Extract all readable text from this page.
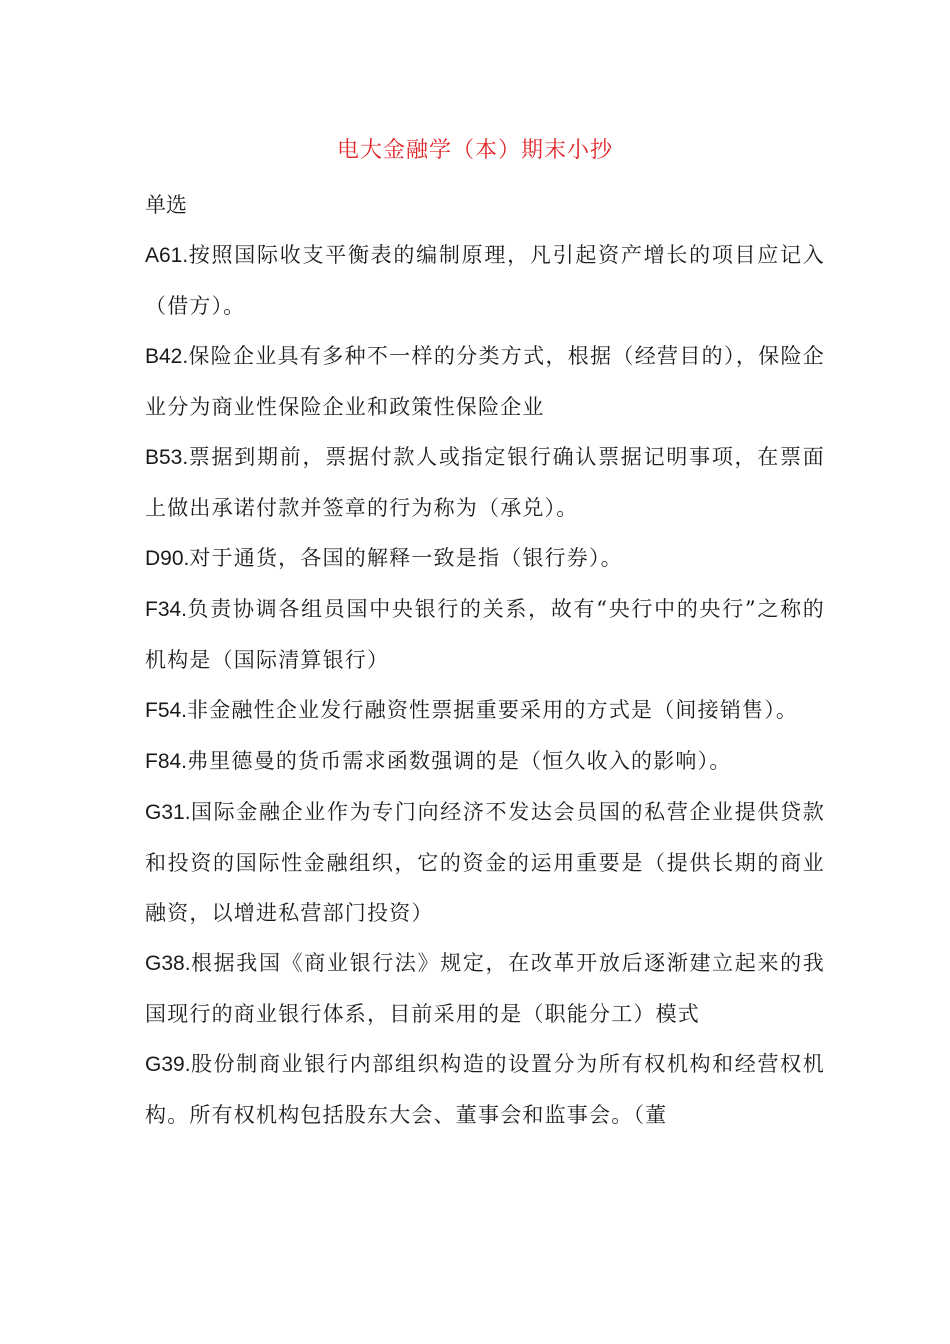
电大金融学（本）期末小抄

单选

A61.按照国际收支平衡表的编制原理，凡引起资产增长的项目应记入（借方）。

B42.保险企业具有多种不一样的分类方式，根据（经营目的），保险企业分为商业性保险企业和政策性保险企业

B53.票据到期前，票据付款人或指定银行确认票据记明事项，在票面上做出承诺付款并签章的行为称为（承兑）。

D90.对于通货，各国的解释一致是指（银行券）。

F34.负责协调各组员国中央银行的关系，故有“央行中的央行”之称的机构是（国际清算银行）

F54.非金融性企业发行融资性票据重要采用的方式是（间接销售）。

F84.弗里德曼的货币需求函数强调的是（恒久收入的影响）。

G31.国际金融企业作为专门向经济不发达会员国的私营企业提供贷款和投资的国际性金融组织，它的资金的运用重要是（提供长期的商业融资，以增进私营部门投资）

G38.根据我国《商业银行法》规定，在改革开放后逐渐建立起来的我国现行的商业银行体系，目前采用的是（职能分工）模式

G39.股份制商业银行内部组织构造的设置分为所有权机构和经营权机构。所有权机构包括股东大会、董事会和监事会。（董
